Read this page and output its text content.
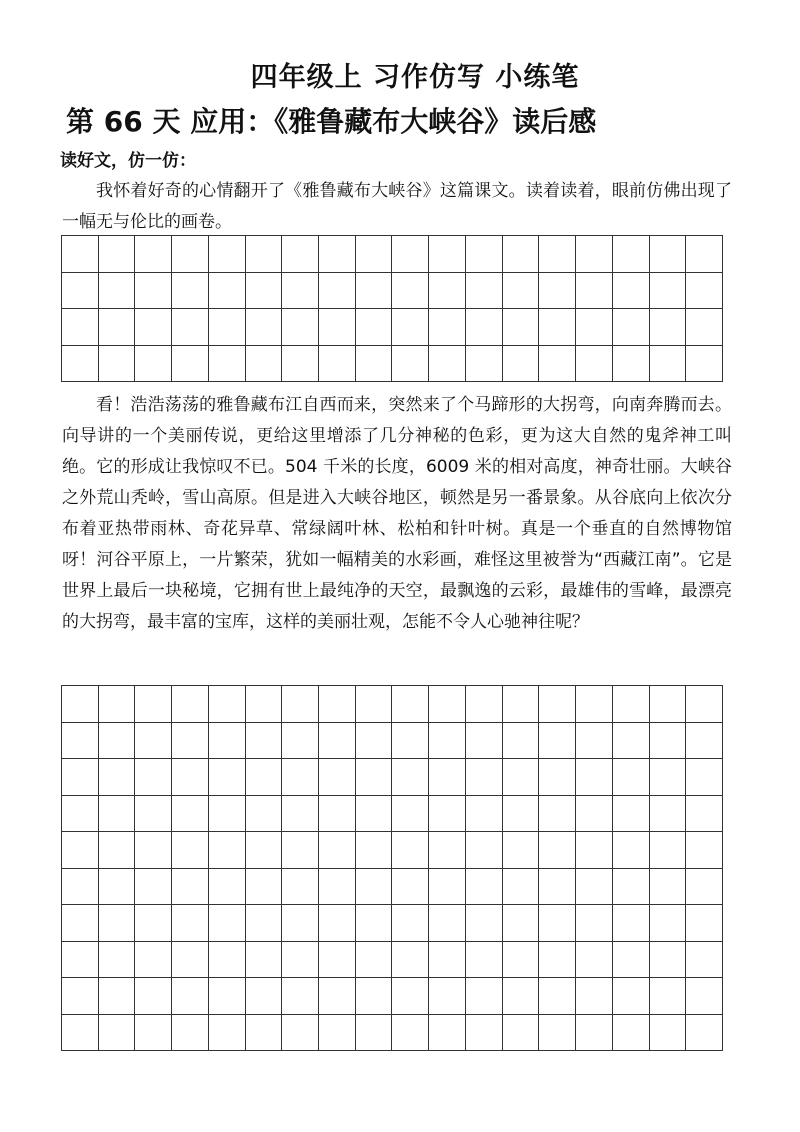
四年级上 习作仿写 小练笔
第 66 天 应用：《雅鲁藏布大峡谷》读后感
读好文，仿一仿：

我怀着好奇的心情翻开了《雅鲁藏布大峡谷》这篇课文。读着读着，眼前仿佛出现了一幅无与伦比的画卷。

看！浩浩荡荡的雅鲁藏布江自西而来，突然来了个马蹄形的大拐弯，向南奔腾而去。向导讲的一个美丽传说，更给这里增添了几分神秘的色彩，更为这大自然的鬼斧神工叫绝。它的形成让我惊叹不已。504 千米的长度，6009 米的相对高度，神奇壮丽。大峡谷之外荒山秃岭，雪山高原。但是进入大峡谷地区，顿然是另一番景象。从谷底向上依次分布着亚热带雨林、奇花异草、常绿阔叶林、松柏和针叶树。真是一个垂直的自然博物馆呀！河谷平原上，一片繁荣，犹如一幅精美的水彩画，难怪这里被誉为“西藏江南”。它是世界上最后一块秘境，它拥有世上最纯净的天空，最飘逸的云彩，最雄伟的雪峰，最漂亮的大拐弯，最丰富的宝库，这样的美丽壮观，怎能不令人心驰神往呢？
